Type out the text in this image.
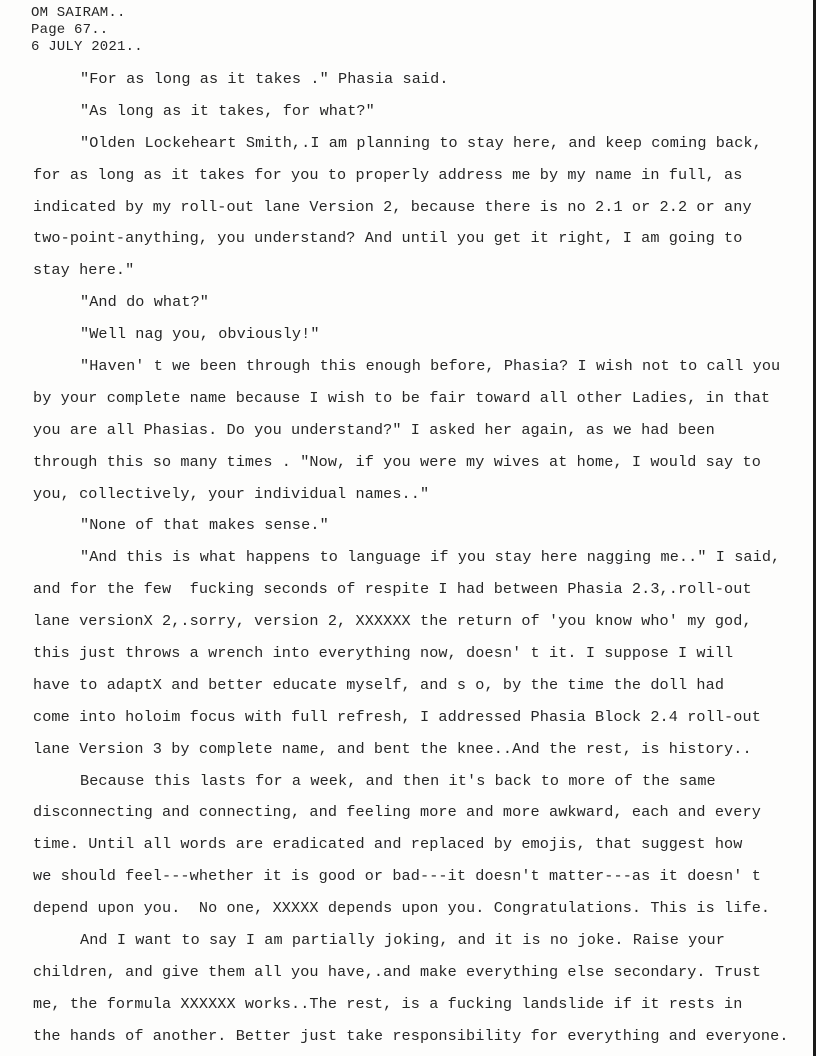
OM SAIRAM..
Page 67..
6 JULY 2021..
"For as long as it takes ." Phasia said.
"As long as it takes, for what?"
"Olden Lockeheart Smith,.I am planning to stay here, and keep coming back,
for as long as it takes for you to properly address me by my name in full, as
indicated by my roll-out lane Version 2, because there is no 2.1 or 2.2 or any
two-point-anything, you understand? And until you get it right, I am going to
stay here."
"And do what?"
"Well nag you, obviously!"
"Haven' t we been through this enough before, Phasia? I wish not to call you
by your complete name because I wish to be fair toward all other Ladies, in that
you are all Phasias. Do you understand?" I asked her again, as we had been
through this so many times . "Now, if you were my wives at home, I would say to
you, collectively, your individual names.."
"None of that makes sense."
"And this is what happens to language if you stay here nagging me.." I said,
and for the few  fucking seconds of respite I had between Phasia 2.3,.roll-out
lane versionX 2,.sorry, version 2, XXXXXX the return of 'you know who' my god,
this just throws a wrench into everything now, doesn' t it. I suppose I will
have to adaptX and better educate myself, and s o, by the time the doll had
come into holoim focus with full refresh, I addressed Phasia Block 2.4 roll-out
lane Version 3 by complete name, and bent the knee..And the rest, is history..
Because this lasts for a week, and then it's back to more of the same
disconnecting and connecting, and feeling more and more awkward, each and every
time. Until all words are eradicated and replaced by emojis, that suggest how
we should feel---whether it is good or bad---it doesn't matter---as it doesn' t
depend upon you.  No one, XXXXX depends upon you. Congratulations. This is life.
And I want to say I am partially joking, and it is no joke. Raise your
children, and give them all you have,.and make everything else secondary. Trust
me, the formula XXXXXX works..The rest, is a fucking landslide if it rests in
the hands of another. Better just take responsibility for everything and everyone.
